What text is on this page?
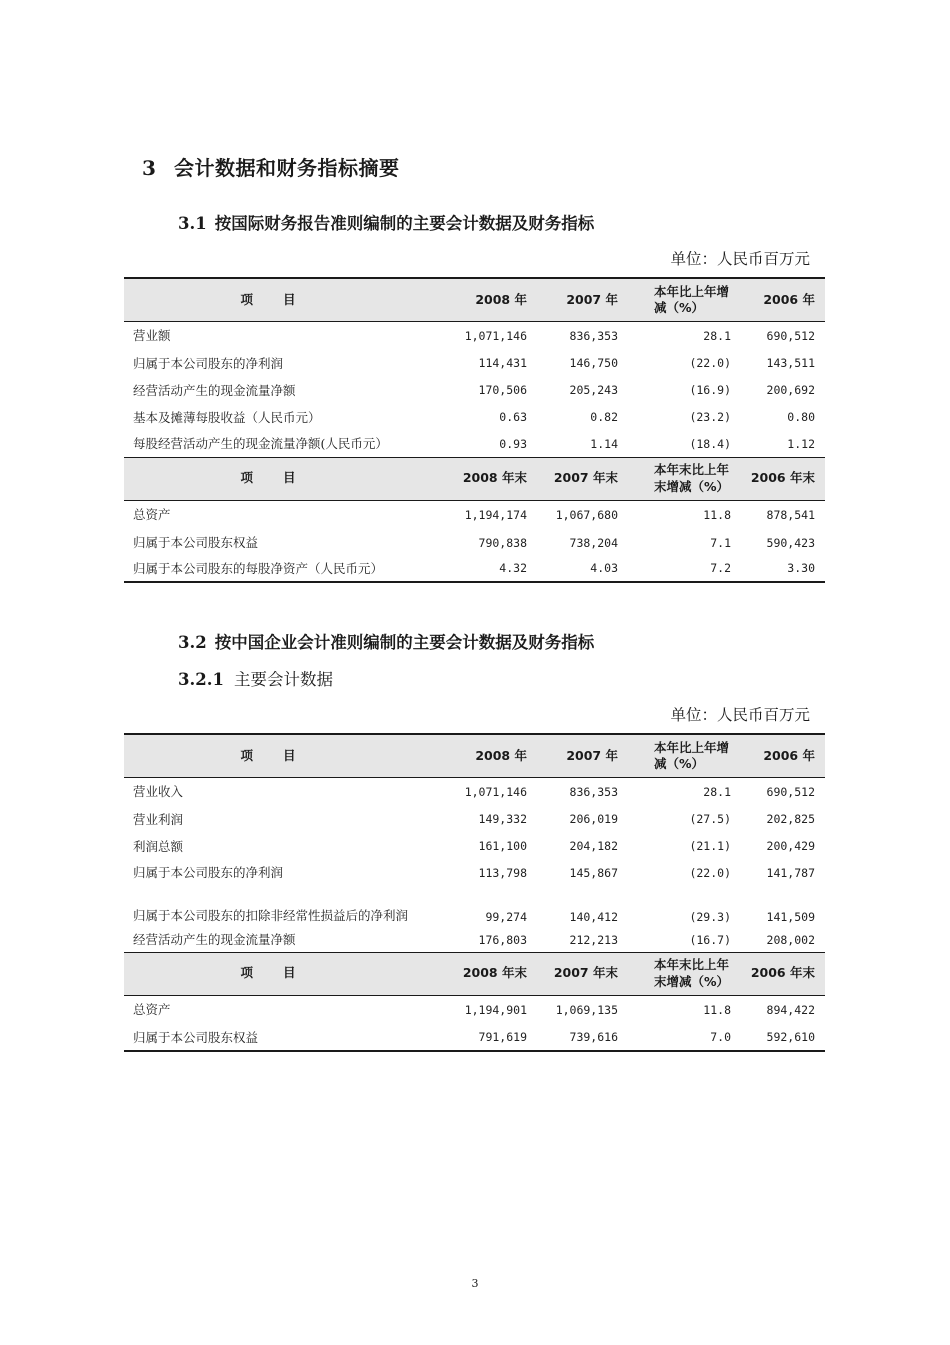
3 会计数据和财务指标摘要
3.1 按国际财务报告准则编制的主要会计数据及财务指标
单位：人民币百万元
项目	2008 年	2007 年	本年比上年增减（%）	2006 年
营业额	1,071,146	836,353	28.1	690,512
归属于本公司股东的净利润	114,431	146,750	(22.0)	143,511
经营活动产生的现金流量净额	170,506	205,243	(16.9)	200,692
基本及摊薄每股收益（人民币元）	0.63	0.82	(23.2)	0.80
每股经营活动产生的现金流量净额(人民币元）	0.93	1.14	(18.4)	1.12
项目	2008 年末	2007 年末	本年末比上年末增减（%）	2006 年末
总资产	1,194,174	1,067,680	11.8	878,541
归属于本公司股东权益	790,838	738,204	7.1	590,423
归属于本公司股东的每股净资产（人民币元）	4.32	4.03	7.2	3.30
3.2 按中国企业会计准则编制的主要会计数据及财务指标
3.2.1 主要会计数据
单位：人民币百万元
项目	2008 年	2007 年	本年比上年增减（%）	2006 年
营业收入	1,071,146	836,353	28.1	690,512
营业利润	149,332	206,019	(27.5)	202,825
利润总额	161,100	204,182	(21.1)	200,429
归属于本公司股东的净利润	113,798	145,867	(22.0)	141,787
归属于本公司股东的扣除非经常性损益后的净利润	99,274	140,412	(29.3)	141,509
经营活动产生的现金流量净额	176,803	212,213	(16.7)	208,002
项目	2008 年末	2007 年末	本年末比上年末增减（%）	2006 年末
总资产	1,194,901	1,069,135	11.8	894,422
归属于本公司股东权益	791,619	739,616	7.0	592,610
3
